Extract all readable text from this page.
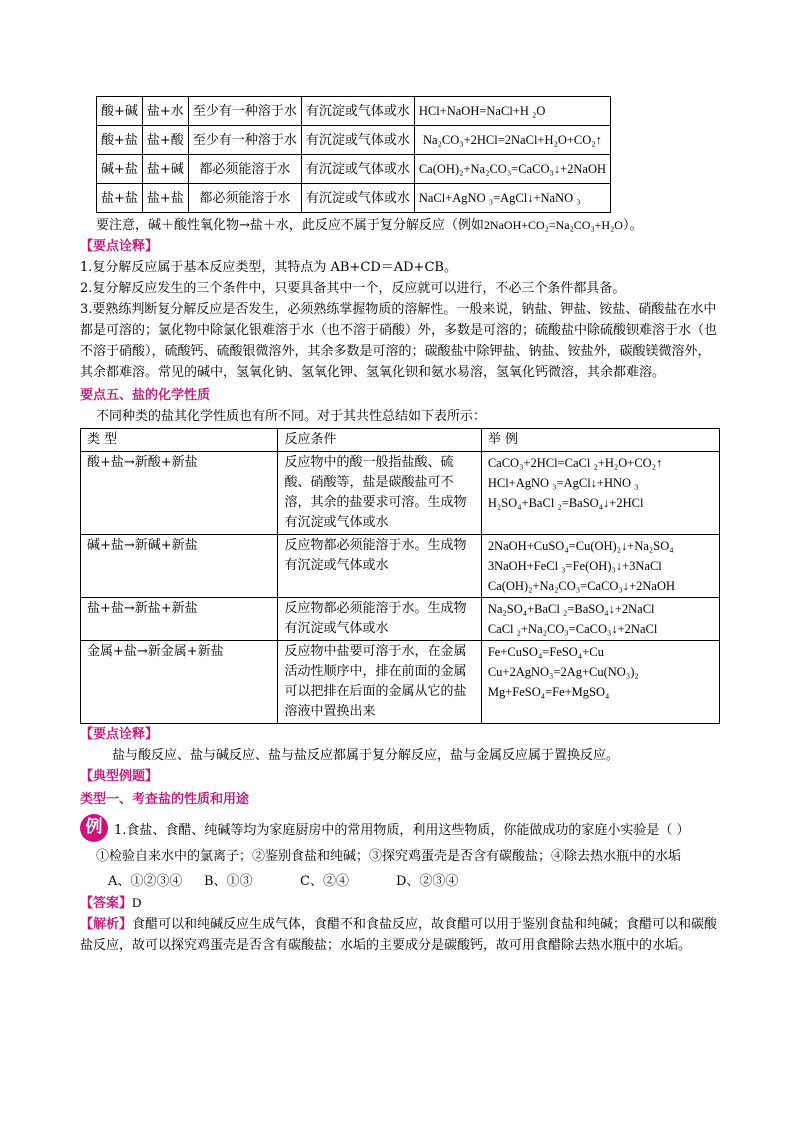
酸+碱	盐+水	至少有一种溶于水	有沉淀或气体或水	HCl+NaOH=NaCl+H ₂O
酸+盐	盐+酸	至少有一种溶于水	有沉淀或气体或水	Na₂CO₃+2HCl=2NaCl+H₂O+CO₂↑
碱+盐	盐+碱	都必须能溶于水	有沉淀或气体或水	Ca(OH)₂+Na₂CO₃=CaCO₃↓+2NaOH
盐+盐	盐+盐	都必须能溶于水	有沉淀或气体或水	NaCl+AgNO ₃=AgCl↓+NaNO ₃

要注意，碱＋酸性氧化物→盐＋水，此反应不属于复分解反应（例如2NaOH+CO₂=Na₂CO₃+H₂O）。

【要点诠释】

1.复分解反应属于基本反应类型，其特点为 AB+CD＝AD+CB。

2.复分解反应发生的三个条件中，只要具备其中一个，反应就可以进行，不必三个条件都具备。

3.要熟练判断复分解反应是否发生，必须熟练掌握物质的溶解性。一般来说，钠盐、钾盐、铵盐、硝酸盐在水中都是可溶的；氯化物中除氯化银难溶于水（也不溶于硝酸）外，多数是可溶的；硫酸盐中除硫酸钡难溶于水（也不溶于硝酸），硫酸钙、硫酸银微溶外，其余多数是可溶的；碳酸盐中除钾盐、钠盐、铵盐外，碳酸镁微溶外，其余都难溶。常见的碱中，氢氧化钠、氢氧化钾、氢氧化钡和氨水易溶，氢氧化钙微溶，其余都难溶。

要点五、盐的化学性质

不同种类的盐其化学性质也有所不同。对于其共性总结如下表所示：

类 型	反应条件	举 例
酸+盐→新酸+新盐	反应物中的酸一般指盐酸、硫酸、硝酸等，盐是碳酸盐可不溶，其余的盐要求可溶。生成物有沉淀或气体或水	CaCO₃+2HCl=CaCl ₂+H₂O+CO₂↑
HCl+AgNO ₃=AgCl↓+HNO ₃
H₂SO₄+BaCl ₂=BaSO₄↓+2HCl

碱+盐→新碱+新盐	反应物都必须能溶于水。生成物有沉淀或气体或水	2NaOH+CuSO₄=Cu(OH)₂↓+Na₂SO₄
3NaOH+FeCl ₃=Fe(OH)₃↓+3NaCl
Ca(OH)₂+Na₂CO₃=CaCO₃↓+2NaOH

盐+盐→新盐+新盐	反应物都必须能溶于水。生成物有沉淀或气体或水	Na₂SO₄+BaCl ₂=BaSO₄↓+2NaCl
CaCl ₂+Na₂CO₃=CaCO₃↓+2NaCl

金属+盐→新金属+新盐	反应物中盐要可溶于水，在金属活动性顺序中，排在前面的金属可以把排在后面的金属从它的盐溶液中置换出来	Fe+CuSO₄=FeSO₄+Cu
Cu+2AgNO₃=2Ag+Cu(NO₃)₂
Mg+FeSO₄=Fe+MgSO₄

【要点诠释】

盐与酸反应、盐与碱反应、盐与盐反应都属于复分解反应，盐与金属反应属于置换反应。

【典型例题】

类型一、考查盐的性质和用途

例 1.食盐、食醋、纯碱等均为家庭厨房中的常用物质，利用这些物质，你能做成功的家庭小实验是（ ）

①检验自来水中的氯离子；②鉴别食盐和纯碱；③探究鸡蛋壳是否含有碳酸盐；④除去热水瓶中的水垢

A、①②③④	B、①③	C、②④	D、②③④

【答案】D

【解析】食醋可以和纯碱反应生成气体，食醋不和食盐反应，故食醋可以用于鉴别食盐和纯碱；食醋可以和碳酸盐反应，故可以探究鸡蛋壳是否含有碳酸盐；水垢的主要成分是碳酸钙，故可用食醋除去热水瓶中的水垢。
